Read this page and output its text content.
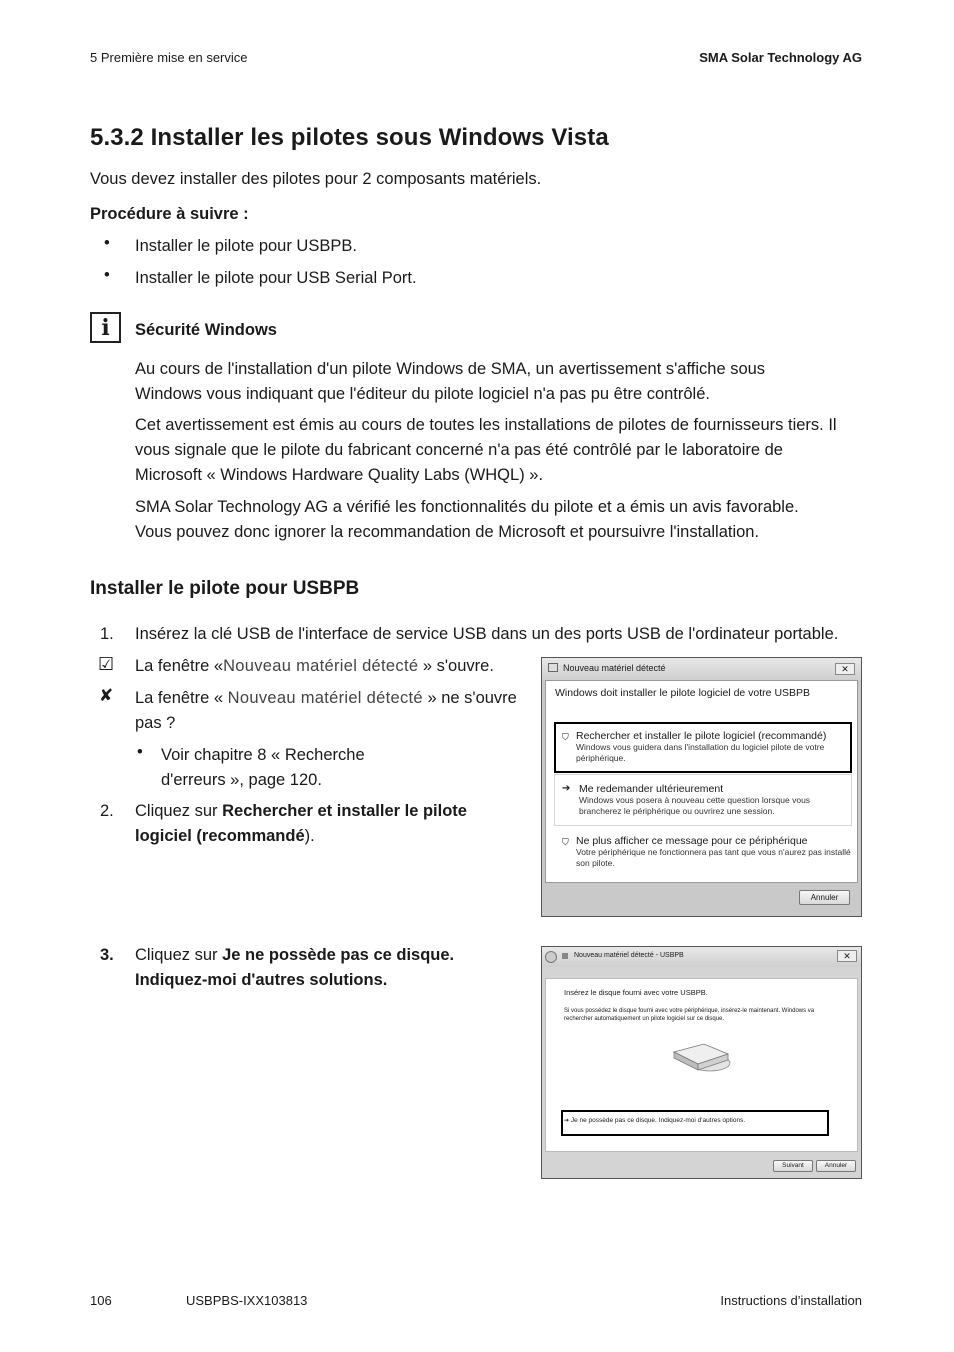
5 Première mise en service	SMA Solar Technology AG
5.3.2 Installer les pilotes sous Windows Vista
Vous devez installer des pilotes pour 2 composants matériels.
Procédure à suivre :
• Installer le pilote pour USBPB.
• Installer le pilote pour USB Serial Port.
i	Sécurité Windows
Au cours de l'installation d'un pilote Windows de SMA, un avertissement s'affiche sous
Windows vous indiquant que l'éditeur du pilote logiciel n'a pas pu être contrôlé.
Cet avertissement est émis au cours de toutes les installations de pilotes de fournisseurs tiers. Il
vous signale que le pilote du fabricant concerné n'a pas été contrôlé par le laboratoire de
Microsoft « Windows Hardware Quality Labs (WHQL) ».
SMA Solar Technology AG a vérifié les fonctionnalités du pilote et a émis un avis favorable.
Vous pouvez donc ignorer la recommandation de Microsoft et poursuivre l'installation.
Installer le pilote pour USBPB
1. Insérez la clé USB de l'interface de service USB dans un des ports USB de l'ordinateur portable.
☑ La fenêtre «Nouveau matériel détecté » s'ouvre.
✘ La fenêtre « Nouveau matériel détecté » ne s'ouvre
pas ?
• Voir chapitre 8 « Recherche
d'erreurs », page 120.
2. Cliquez sur Rechercher et installer le pilote
logiciel (recommandé).
3. Cliquez sur Je ne possède pas ce disque.
Indiquez-moi d'autres solutions.
Nouveau matériel détecté	✕
Windows doit installer le pilote logiciel de votre USBPB
⛉ Rechercher et installer le pilote logiciel (recommandé)
Windows vous guidera dans l'installation du logiciel pilote de votre
périphérique.
➔ Me redemander ultérieurement
Windows vous posera à nouveau cette question lorsque vous
brancherez le périphérique ou ouvrirez une session.
⛉ Ne plus afficher ce message pour ce périphérique
Votre périphérique ne fonctionnera pas tant que vous n'aurez pas installé
son pilote.
Annuler
Nouveau matériel détecté - USBPB	✕
Insérez le disque fourni avec votre USBPB.
Si vous possédez le disque fourni avec votre périphérique, insérez-le maintenant. Windows va
rechercher automatiquement un pilote logiciel sur ce disque.
➔ Je ne possède pas ce disque. Indiquez-moi d'autres options.
Suivant	Annuler
106	USBPBS-IXX103813	Instructions d’installation
